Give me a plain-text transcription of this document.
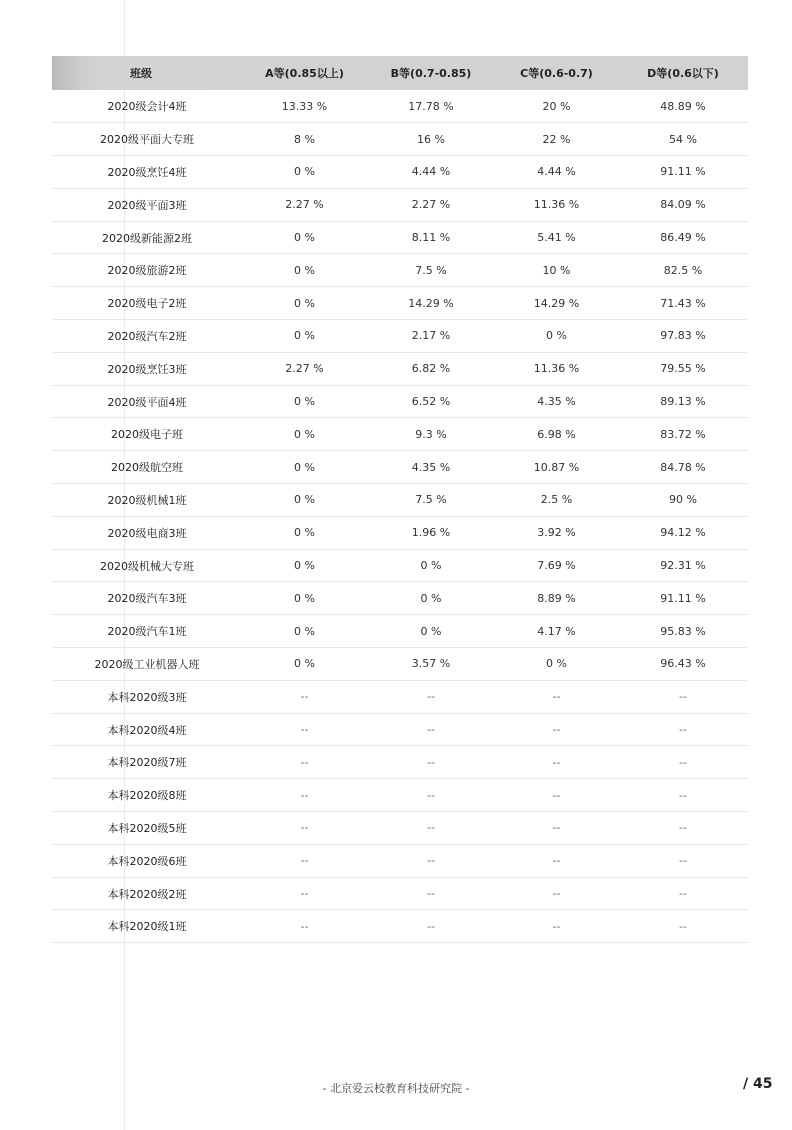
班级	A等(0.85以上)	B等(0.7-0.85)	C等(0.6-0.7)	D等(0.6以下)
2020级会计4班	13.33 %	17.78 %	20 %	48.89 %
2020级平面大专班	8 %	16 %	22 %	54 %
2020级烹饪4班	0 %	4.44 %	4.44 %	91.11 %
2020级平面3班	2.27 %	2.27 %	11.36 %	84.09 %
2020级新能源2班	0 %	8.11 %	5.41 %	86.49 %
2020级旅游2班	0 %	7.5 %	10 %	82.5 %
2020级电子2班	0 %	14.29 %	14.29 %	71.43 %
2020级汽车2班	0 %	2.17 %	0 %	97.83 %
2020级烹饪3班	2.27 %	6.82 %	11.36 %	79.55 %
2020级平面4班	0 %	6.52 %	4.35 %	89.13 %
2020级电子班	0 %	9.3 %	6.98 %	83.72 %
2020级航空班	0 %	4.35 %	10.87 %	84.78 %
2020级机械1班	0 %	7.5 %	2.5 %	90 %
2020级电商3班	0 %	1.96 %	3.92 %	94.12 %
2020级机械大专班	0 %	0 %	7.69 %	92.31 %
2020级汽车3班	0 %	0 %	8.89 %	91.11 %
2020级汽车1班	0 %	0 %	4.17 %	95.83 %
2020级工业机器人班	0 %	3.57 %	0 %	96.43 %
本科2020级3班	--	--	--	--
本科2020级4班	--	--	--	--
本科2020级7班	--	--	--	--
本科2020级8班	--	--	--	--
本科2020级5班	--	--	--	--
本科2020级6班	--	--	--	--
本科2020级2班	--	--	--	--
本科2020级1班	--	--	--	--
- 北京爱云校教育科技研究院 -	/ 45
